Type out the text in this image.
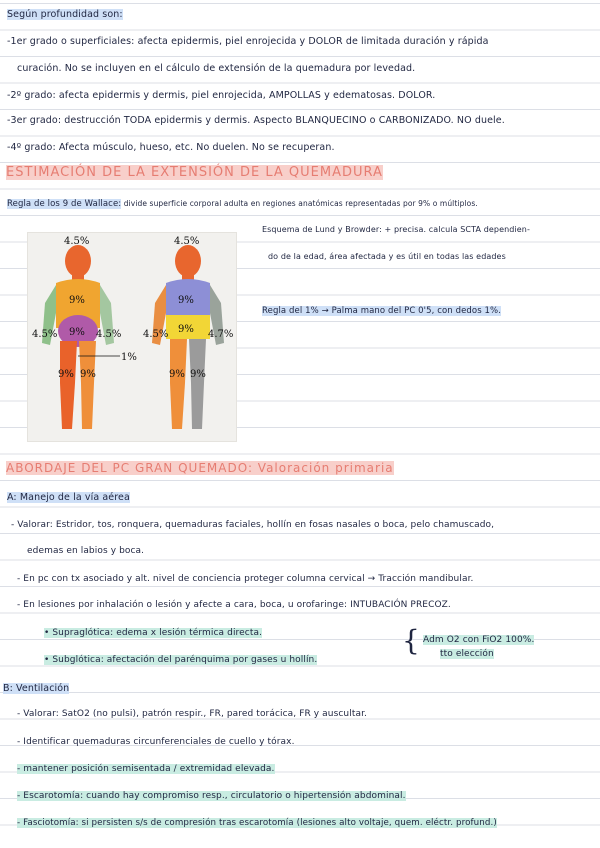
Según profundidad son:
-1er grado o superficiales: afecta epidermis, piel enrojecida y DOLOR de limitada duración y rápida
curación. No se incluyen en el cálculo de extensión de la quemadura por levedad.
-2º grado: afecta epidermis y dermis, piel enrojecida, AMPOLLAS y edematosas. DOLOR.
-3er grado: destrucción TODA epidermis y dermis. Aspecto BLANQUECINO o CARBONIZADO. NO duele.
-4º grado: Afecta músculo, hueso, etc. No duelen. No se recuperan.
ESTIMACIÓN DE LA EXTENSIÓN DE LA QUEMADURA
Regla de los 9 de Wallace: divide superficie corporal adulta en regiones anatómicas representadas por 9% o múltiplos.
4.5%	4.5%
9%
9%
4.5%	4.5%
9% 9%
1%
9%
9%
4.5%	4.7%
9% 9%
Esquema de Lund y Browder: + precisa. calcula SCTA dependien-
do de la edad, área afectada y es útil en todas las edades
Regla del 1% → Palma mano del PC 0'5, con dedos 1%.
ABORDAJE DEL PC GRAN QUEMADO: Valoración primaria
A: Manejo de la vía aérea
- Valorar: Estridor, tos, ronquera, quemaduras faciales, hollín en fosas nasales o boca, pelo chamuscado,
edemas en labios y boca.
- En pc con tx asociado y alt. nivel de conciencia proteger columna cervical → Tracción mandibular.
- En lesiones por inhalación o lesión y afecte a cara, boca, u orofaringe: INTUBACIÓN PRECOZ.
• Supraglótica: edema x lesión térmica directa.
• Subglótica: afectación del parénquima por gases u hollín.
{ Adm O2 con FiO2 100%.
tto elección
B: Ventilación
- Valorar: SatO2 (no pulsi), patrón respir., FR, pared torácica, FR y auscultar.
- Identificar quemaduras circunferenciales de cuello y tórax.
- mantener posición semisentada / extremidad elevada.
- Escarotomía: cuando hay compromiso resp., circulatorio o hipertensión abdominal.
- Fasciotomía: si persisten s/s de compresión tras escarotomía (lesiones alto voltaje, quem. eléctr. profund.)
